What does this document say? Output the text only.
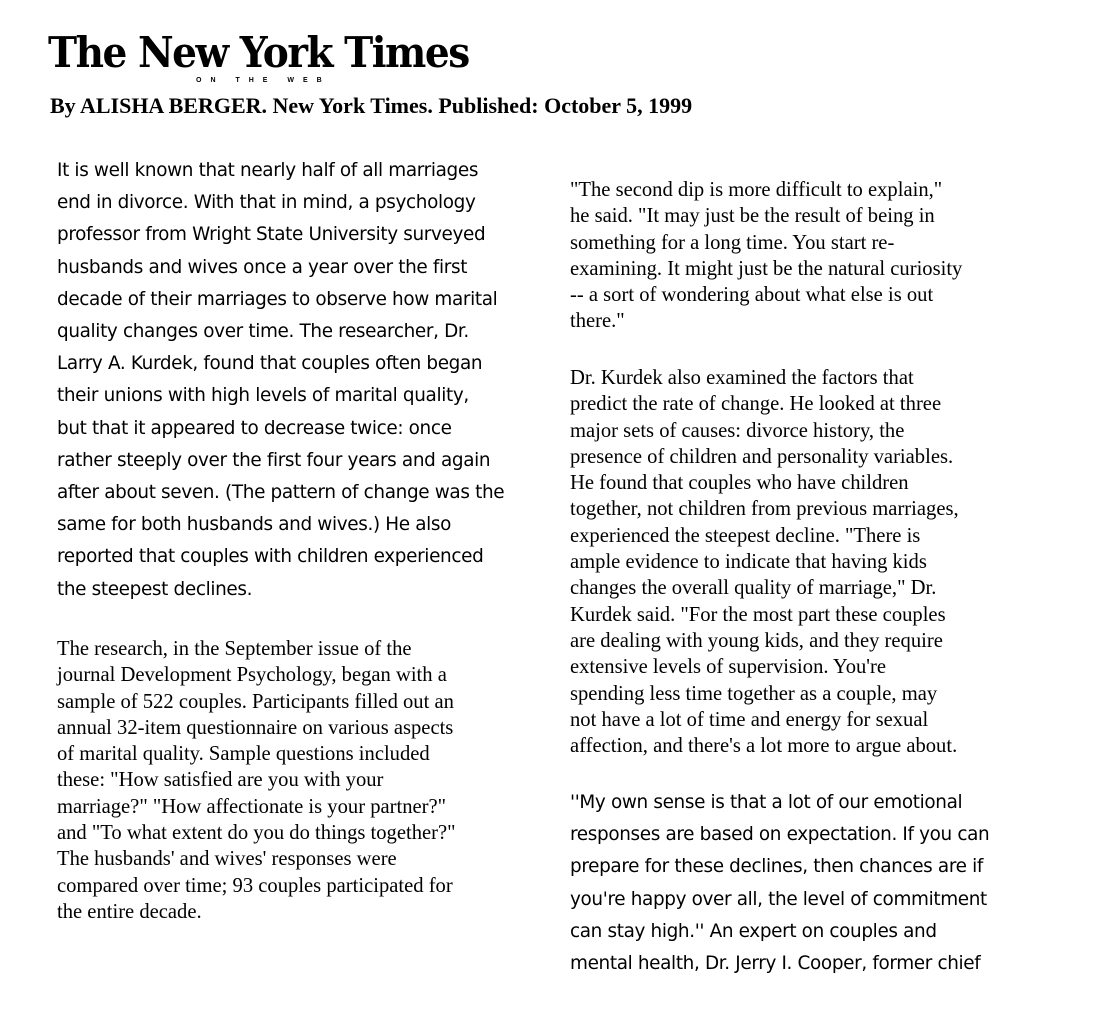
The New York Times
ON THE WEB
By ALISHA BERGER. New York Times. Published: October 5, 1999
It is well known that nearly half of all marriages
end in divorce. With that in mind, a psychology
professor from Wright State University surveyed
husbands and wives once a year over the first
decade of their marriages to observe how marital
quality changes over time. The researcher, Dr.
Larry A. Kurdek, found that couples often began
their unions with high levels of marital quality,
but that it appeared to decrease twice: once
rather steeply over the first four years and again
after about seven. (The pattern of change was the
same for both husbands and wives.) He also
reported that couples with children experienced
the steepest declines.
The research, in the September issue of the
journal Development Psychology, began with a
sample of 522 couples. Participants filled out an
annual 32-item questionnaire on various aspects
of marital quality. Sample questions included
these: "How satisfied are you with your
marriage?" "How affectionate is your partner?"
and "To what extent do you do things together?"
The husbands' and wives' responses were
compared over time; 93 couples participated for
the entire decade.
"The second dip is more difficult to explain,"
he said. "It may just be the result of being in
something for a long time. You start re-
examining. It might just be the natural curiosity
-- a sort of wondering about what else is out
there."
Dr. Kurdek also examined the factors that
predict the rate of change. He looked at three
major sets of causes: divorce history, the
presence of children and personality variables.
He found that couples who have children
together, not children from previous marriages,
experienced the steepest decline. "There is
ample evidence to indicate that having kids
changes the overall quality of marriage," Dr.
Kurdek said. "For the most part these couples
are dealing with young kids, and they require
extensive levels of supervision. You're
spending less time together as a couple, may
not have a lot of time and energy for sexual
affection, and there's a lot more to argue about.
''My own sense is that a lot of our emotional
responses are based on expectation. If you can
prepare for these declines, then chances are if
you're happy over all, the level of commitment
can stay high.'' An expert on couples and
mental health, Dr. Jerry I. Cooper, former chief
